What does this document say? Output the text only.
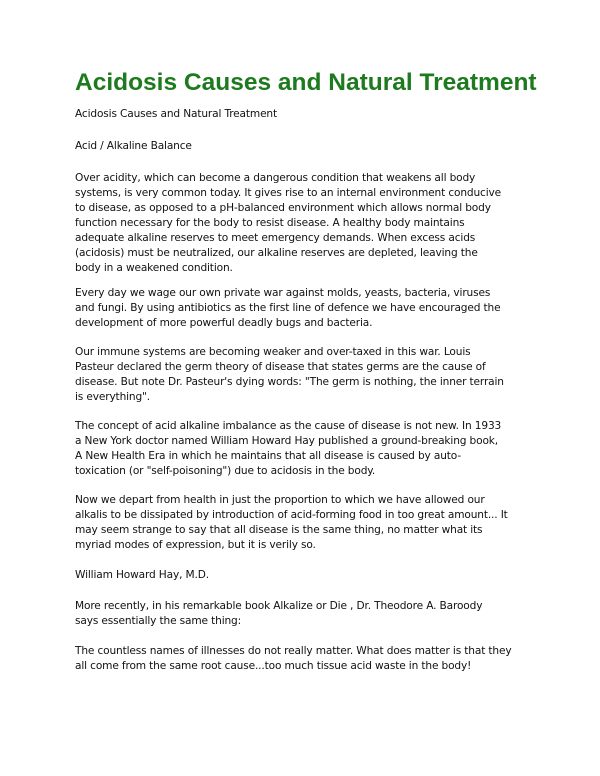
Acidosis Causes and Natural Treatment

Acidosis Causes and Natural Treatment

Acid / Alkaline Balance

Over acidity, which can become a dangerous condition that weakens all body

systems, is very common today. It gives rise to an internal environment conducive

to disease, as opposed to a pH-balanced environment which allows normal body

function necessary for the body to resist disease. A healthy body maintains

adequate alkaline reserves to meet emergency demands. When excess acids

(acidosis) must be neutralized, our alkaline reserves are depleted, leaving the

body in a weakened condition.

Every day we wage our own private war against molds, yeasts, bacteria, viruses

and fungi. By using antibiotics as the first line of defence we have encouraged the

development of more powerful deadly bugs and bacteria.

Our immune systems are becoming weaker and over-taxed in this war. Louis

Pasteur declared the germ theory of disease that states germs are the cause of

disease. But note Dr. Pasteur's dying words: "The germ is nothing, the inner terrain

is everything".

The concept of acid alkaline imbalance as the cause of disease is not new. In 1933

a New York doctor named William Howard Hay published a ground-breaking book,

A New Health Era in which he maintains that all disease is caused by auto-

toxication (or "self-poisoning") due to acidosis in the body.

Now we depart from health in just the proportion to which we have allowed our

alkalis to be dissipated by introduction of acid-forming food in too great amount... It

may seem strange to say that all disease is the same thing, no matter what its

myriad modes of expression, but it is verily so.

William Howard Hay, M.D.

More recently, in his remarkable book Alkalize or Die , Dr. Theodore A. Baroody

says essentially the same thing:

The countless names of illnesses do not really matter. What does matter is that they

all come from the same root cause...too much tissue acid waste in the body!
